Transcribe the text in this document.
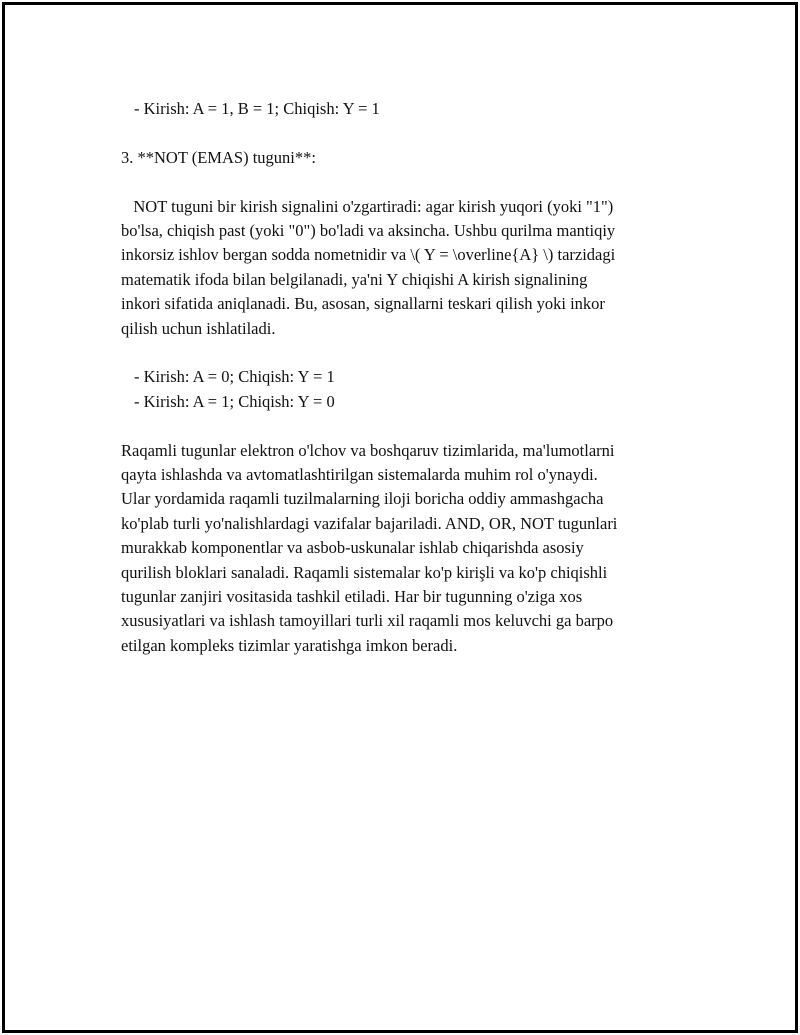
- Kirish: A = 1, B = 1; Chiqish: Y = 1
3. **NOT (EMAS) tuguni**:
NOT tuguni bir kirish signalini o'zgartiradi: agar kirish yuqori (yoki "1")
bo'lsa, chiqish past (yoki "0") bo'ladi va aksincha. Ushbu qurilma mantiqiy
inkorsiz ishlov bergan sodda nometnidir va \( Y = \overline{A} \) tarzidagi
matematik ifoda bilan belgilanadi, ya'ni Y chiqishi A kirish signalining
inkori sifatida aniqlanadi. Bu, asosan, signallarni teskari qilish yoki inkor
qilish uchun ishlatiladi.
- Kirish: A = 0; Chiqish: Y = 1
- Kirish: A = 1; Chiqish: Y = 0
Raqamli tugunlar elektron o'lchov va boshqaruv tizimlarida, ma'lumotlarni
qayta ishlashda va avtomatlashtirilgan sistemalarda muhim rol o'ynaydi.
Ular yordamida raqamli tuzilmalarning iloji boricha oddiy ammashgacha
ko'plab turli yo'nalishlardagi vazifalar bajariladi. AND, OR, NOT tugunlari
murakkab komponentlar va asbob-uskunalar ishlab chiqarishda asosiy
qurilish bloklari sanaladi. Raqamli sistemalar ko'p kirişli va ko'p chiqishli
tugunlar zanjiri vositasida tashkil etiladi. Har bir tugunning o'ziga xos
xususiyatlari va ishlash tamoyillari turli xil raqamli mos keluvchi ga barpo
etilgan kompleks tizimlar yaratishga imkon beradi.
